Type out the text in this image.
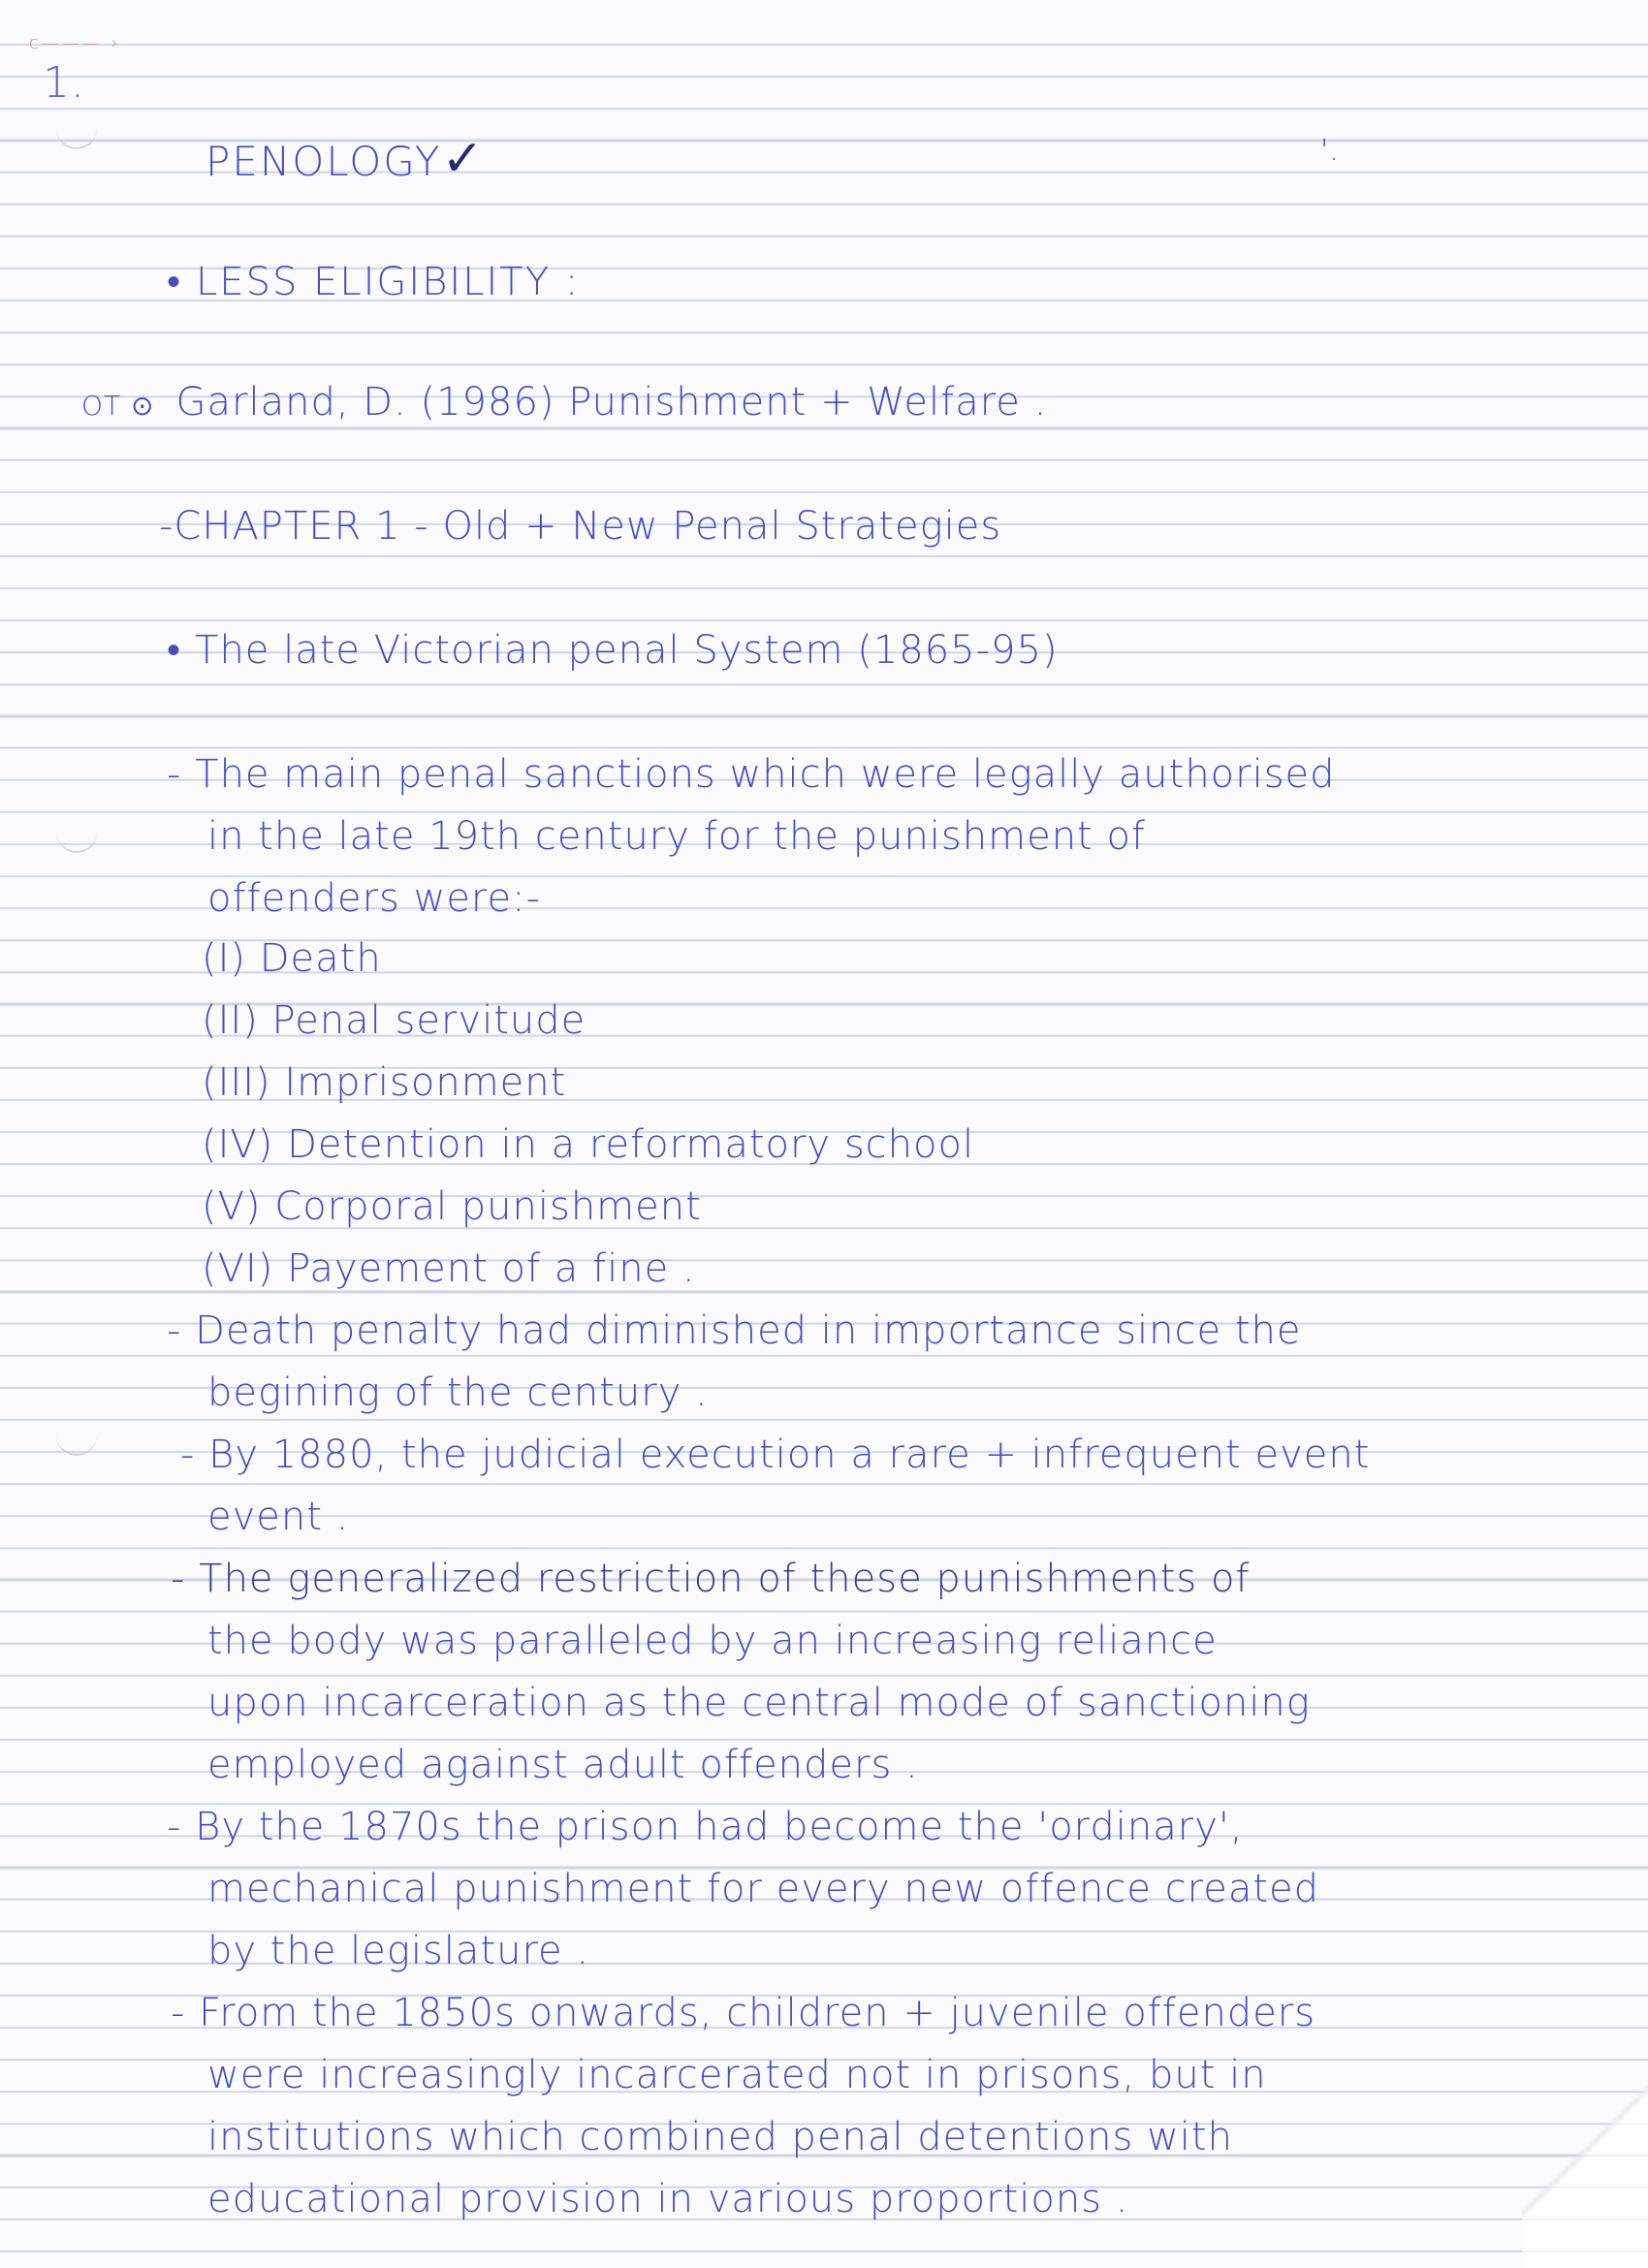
c——— ›
1.
'.
PENOLOGY✓
• LESS ELIGIBILITY :
OT ⊙ Garland, D. (1986) Punishment + Welfare .
-CHAPTER 1 - Old + New Penal Strategies
• The late Victorian penal System (1865-95)
- The main penal sanctions which were legally authorised
in the late 19th century for the punishment of
offenders were:-
(I) Death
(II) Penal servitude
(III) Imprisonment
(IV) Detention in a reformatory school
(V) Corporal punishment
(VI) Payement of a fine .
- Death penalty had diminished in importance since the
begining of the century .
- By 1880, the judicial execution a rare + infrequent event
event .
- The generalized restriction of these punishments of
the body was paralleled by an increasing reliance
upon incarceration as the central mode of sanctioning
employed against adult offenders .
- By the 1870s the prison had become the 'ordinary',
mechanical punishment for every new offence created
by the legislature .
- From the 1850s onwards, children + juvenile offenders
were increasingly incarcerated not in prisons, but in
institutions which combined penal detentions with
educational provision in various proportions .
